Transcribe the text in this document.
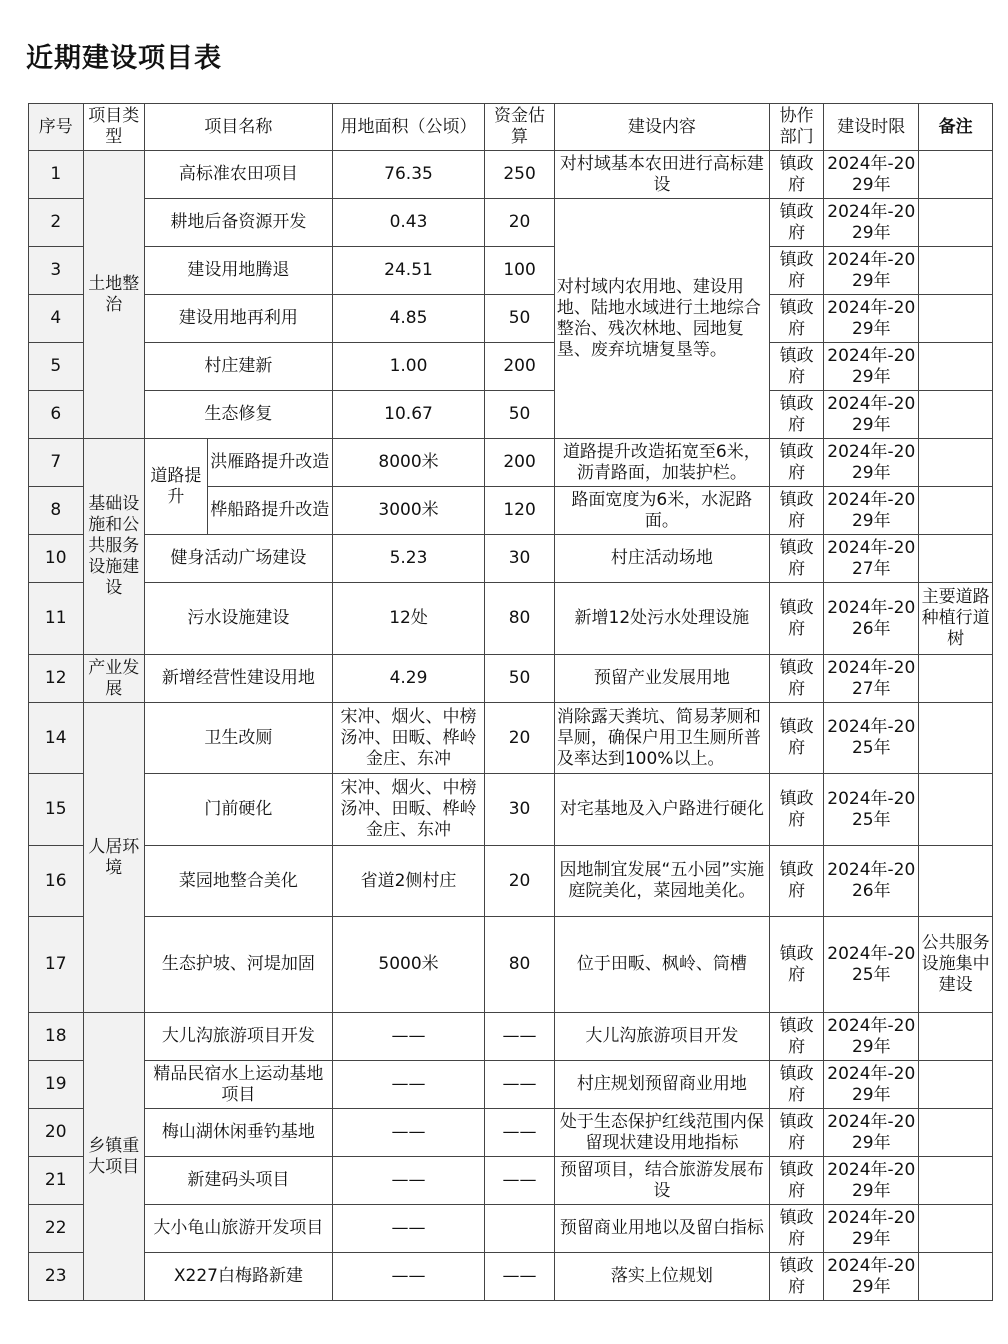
近期建设项目表
序号	项目类型	项目名称		用地面积（公顷）	资金估算	建设内容	协作部门	建设时限	备注
1	土地整治	高标准农田项目		76.35	250	对村域基本农田进行高标建设	镇政府	2024年-2029年	
2		耕地后备资源开发		0.43	20	对村域内农用地、建设用地、陆地水域进行土地综合整治、残次林地、园地复垦、废弃坑塘复垦等。	镇政府	2024年-2029年	
3		建设用地腾退		24.51	100		镇政府	2024年-2029年	
4		建设用地再利用		4.85	50		镇政府	2024年-2029年	
5		村庄建新		1.00	200		镇政府	2024年-2029年	
6		生态修复		10.67	50		镇政府	2024年-2029年	
7	基础设施和公共服务设施建设	道路提升	洪雁路提升改造	8000米	200	道路提升改造拓宽至6米，沥青路面，加装护栏。	镇政府	2024年-2029年	
8			桦船路提升改造	3000米	120	路面宽度为6米，水泥路面。	镇政府	2024年-2029年	
10		健身活动广场建设		5.23	30	村庄活动场地	镇政府	2024年-2027年	
11		污水设施建设		12处	80	新增12处污水处理设施	镇政府	2024年-2026年	主要道路种植行道树
12	产业发展	新增经营性建设用地		4.29	50	预留产业发展用地	镇政府	2024年-2027年	
14	人居环境	卫生改厕		宋冲、烟火、中榜汤冲、田畈、桦岭金庄、东冲	20	消除露天粪坑、简易茅厕和旱厕，确保户用卫生厕所普及率达到100%以上。	镇政府	2024年-2025年	
15		门前硬化		宋冲、烟火、中榜汤冲、田畈、桦岭金庄、东冲	30	对宅基地及入户路进行硬化	镇政府	2024年-2025年	
16		菜园地整合美化		省道2侧村庄	20	因地制宜发展“五小园”实施庭院美化，菜园地美化。	镇政府	2024年-2026年	
17		生态护坡、河堤加固		5000米	80	位于田畈、枫岭、筒槽	镇政府	2024年-2025年	公共服务设施集中建设
18	乡镇重大项目	大儿沟旅游项目开发		——	——	大儿沟旅游项目开发	镇政府	2024年-2029年	
19		精品民宿水上运动基地项目		——	——	村庄规划预留商业用地	镇政府	2024年-2029年	
20		梅山湖休闲垂钓基地		——	——	处于生态保护红线范围内保留现状建设用地指标	镇政府	2024年-2029年	
21		新建码头项目		——	——	预留项目，结合旅游发展布设	镇政府	2024年-2029年	
22		大小龟山旅游开发项目		——		预留商业用地以及留白指标	镇政府	2024年-2029年	
23		X227白梅路新建		——	——	落实上位规划	镇政府	2024年-2029年	
